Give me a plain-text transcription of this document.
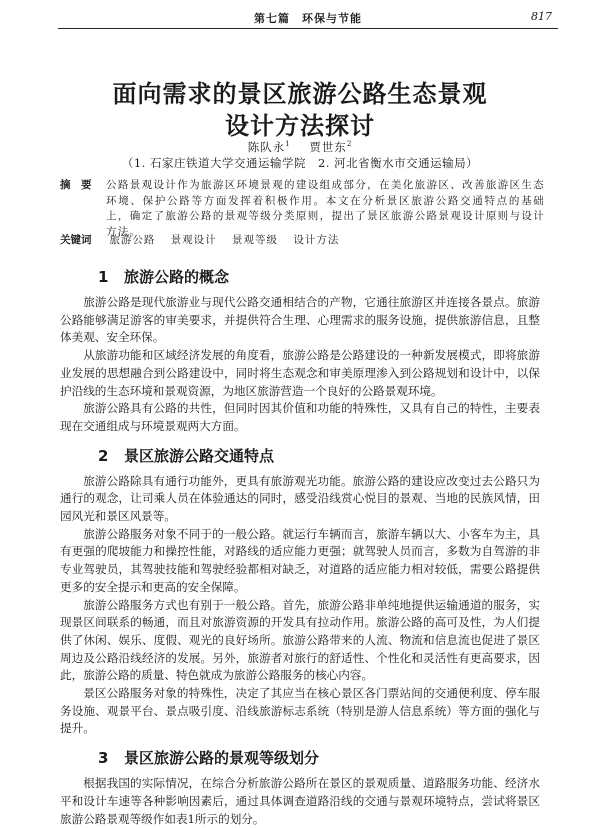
第七篇　环保与节能	817
面向需求的景区旅游公路生态景观
设计方法探讨
陈队永$^1$ 贾世东$^2$
（1. 石家庄铁道大学交通运输学院　2. 河北省衡水市交通运输局）
摘　要	公路景观设计作为旅游区环境景观的建设组成部分，在美化旅游区、改善旅游区生态环境、保护公路等方面发挥着积极作用。本文在分析景区旅游公路交通特点的基础上，确定了旅游公路的景观等级分类原则，提出了景区旅游公路景观设计原则与设计方法。
关键词 旅游公路 景观设计 景观等级 设计方法
1 旅游公路的概念

旅游公路是现代旅游业与现代公路交通相结合的产物，它通往旅游区并连接各景点。旅游公路能够满足游客的审美要求，并提供符合生理、心理需求的服务设施，提供旅游信息，且整体美观、安全环保。

从旅游功能和区域经济发展的角度看，旅游公路是公路建设的一种新发展模式，即将旅游业发展的思想融合到公路建设中，同时将生态观念和审美原理渗入到公路规划和设计中，以保护沿线的生态环境和景观资源，为地区旅游营造一个良好的公路景观环境。

旅游公路具有公路的共性，但同时因其价值和功能的特殊性，又具有自己的特性，主要表现在交通组成与环境景观两大方面。

2 景区旅游公路交通特点

旅游公路除具有通行功能外，更具有旅游观光功能。旅游公路的建设应改变过去公路只为通行的观念，让司乘人员在体验通达的同时，感受沿线赏心悦目的景观、当地的民族风情，田园风光和景区风景等。

旅游公路服务对象不同于的一般公路。就运行车辆而言，旅游车辆以大、小客车为主，具有更强的爬坡能力和操控性能，对路线的适应能力更强；就驾驶人员而言，多数为自驾游的非专业驾驶员，其驾驶技能和驾驶经验都相对缺乏，对道路的适应能力相对较低，需要公路提供更多的安全提示和更高的安全保障。

旅游公路服务方式也有别于一般公路。首先，旅游公路非单纯地提供运输通道的服务，实现景区间联系的畅通，而且对旅游资源的开发具有拉动作用。旅游公路的高可及性，为人们提供了休闲、娱乐、度假、观光的良好场所。旅游公路带来的人流、物流和信息流也促进了景区周边及公路沿线经济的发展。另外，旅游者对旅行的舒适性、个性化和灵活性有更高要求，因此，旅游公路的质量、特色就成为旅游公路服务的核心内容。

景区公路服务对象的特殊性，决定了其应当在核心景区各门票站间的交通便利度、停车服务设施、观景平台、景点吸引度、沿线旅游标志系统（特别是游人信息系统）等方面的强化与提升。

3 景区旅游公路的景观等级划分

根据我国的实际情况，在综合分析旅游公路所在景区的景观质量、道路服务功能、经济水平和设计车速等各种影响因素后，通过具体调查道路沿线的交通与景观环境特点，尝试将景区旅游公路景观等级作如表1所示的划分。
